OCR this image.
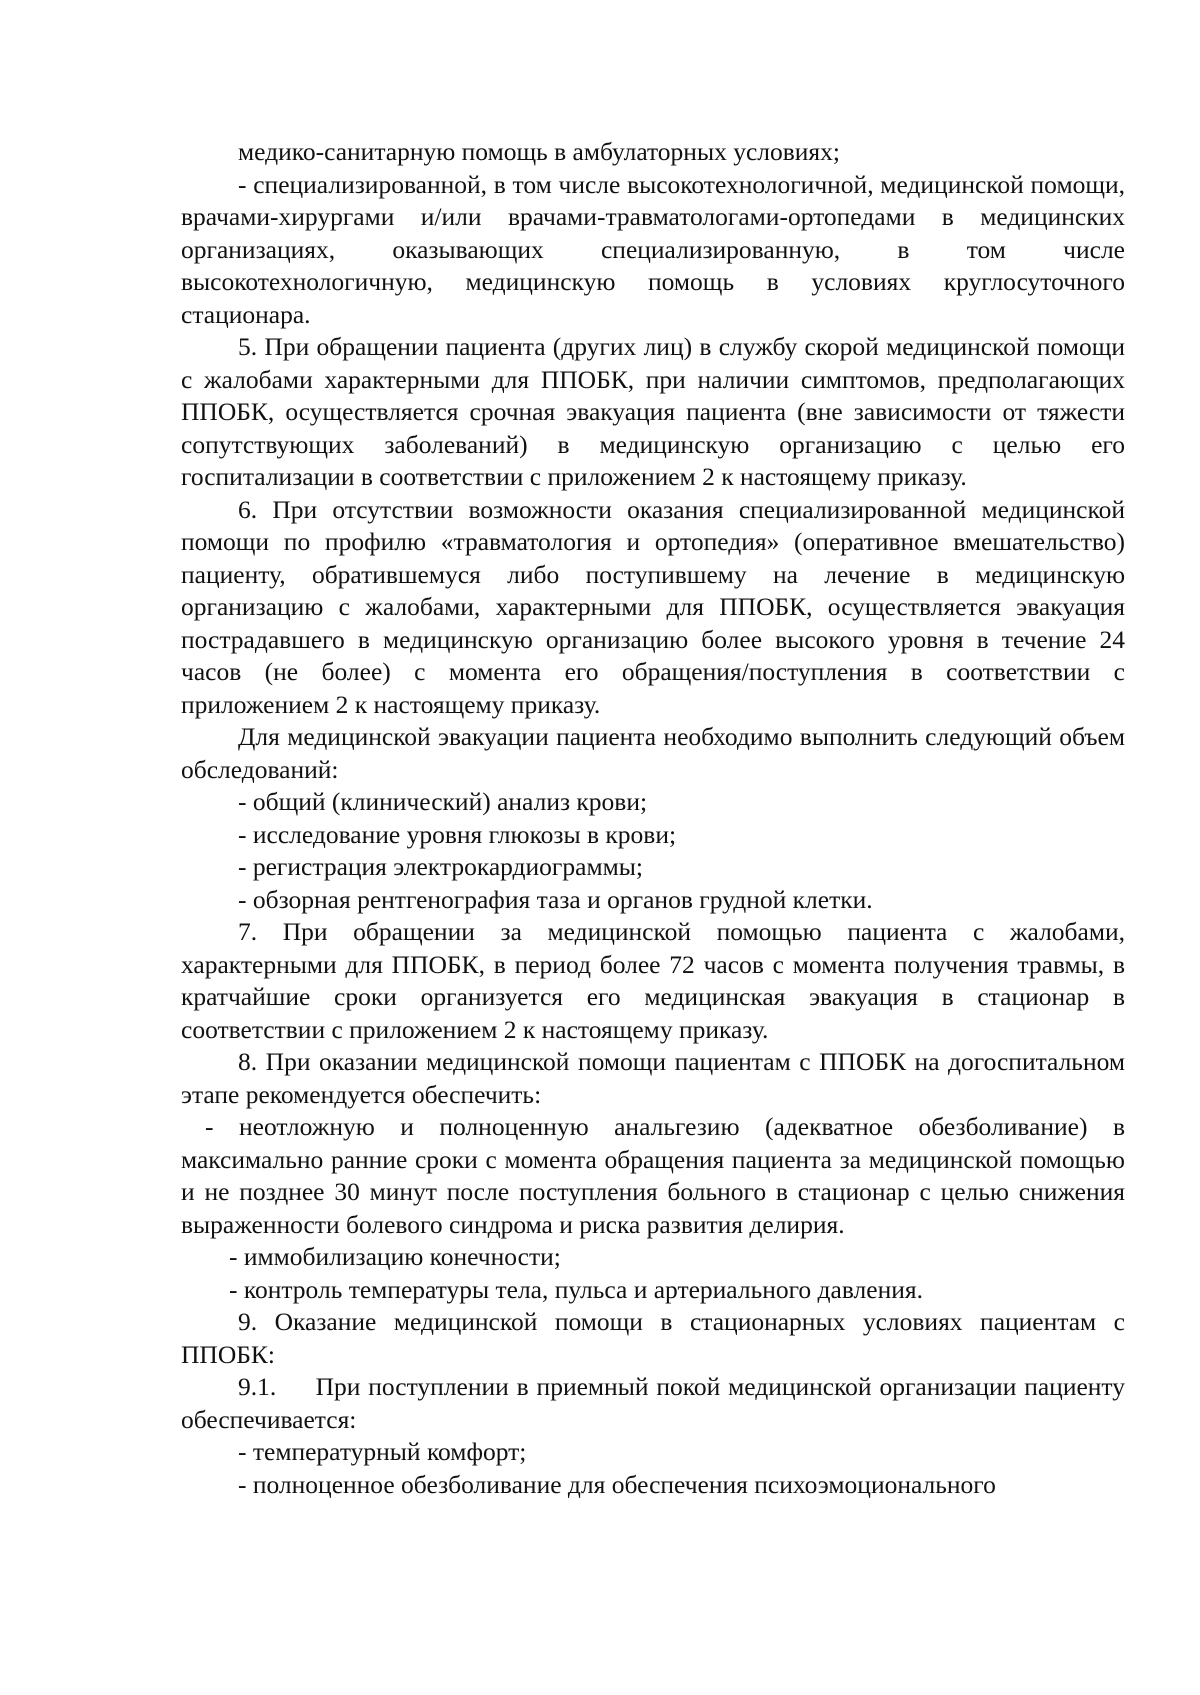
медико-санитарную помощь в амбулаторных условиях;

- специализированной, в том числе высокотехнологичной, медицинской помощи, врачами-хирургами и/или врачами-травматологами-ортопедами в медицинских организациях, оказывающих специализированную, в том числе высокотехнологичную, медицинскую помощь в условиях круглосуточного стационара.

5. При обращении пациента (других лиц) в службу скорой медицинской помощи с жалобами характерными для ППОБК, при наличии симптомов, предполагающих ППОБК, осуществляется срочная эвакуация пациента (вне зависимости от тяжести сопутствующих заболеваний) в медицинскую организацию с целью его госпитализации в соответствии с приложением 2 к настоящему приказу.

6. При отсутствии возможности оказания специализированной медицинской помощи по профилю «травматология и ортопедия» (оперативное вмешательство) пациенту, обратившемуся либо поступившему на лечение в медицинскую организацию с жалобами, характерными для ППОБК, осуществляется эвакуация пострадавшего в медицинскую организацию более высокого уровня в течение 24 часов (не более) с момента его обращения/поступления в соответствии с приложением 2 к настоящему приказу.

Для медицинской эвакуации пациента необходимо выполнить следующий объем обследований:

- общий (клинический) анализ крови;

- исследование уровня глюкозы в крови;

- регистрация электрокардиограммы;

- обзорная рентгенография таза и органов грудной клетки.

7. При обращении за медицинской помощью пациента с жалобами, характерными для ППОБК, в период более 72 часов с момента получения травмы, в кратчайшие сроки организуется его медицинская эвакуация в стационар в соответствии с приложением 2 к настоящему приказу.

8. При оказании медицинской помощи пациентам с ППОБК на догоспитальном этапе рекомендуется обеспечить:

- неотложную и полноценную анальгезию (адекватное обезболивание) в максимально ранние сроки с момента обращения пациента за медицинской помощью и не позднее 30 минут после поступления больного в стационар с целью снижения выраженности болевого синдрома и риска развития делирия.

- иммобилизацию конечности;

- контроль температуры тела, пульса и артериального давления.

9. Оказание медицинской помощи в стационарных условиях пациентам с ППОБК:

9.1.     При поступлении в приемный покой медицинской организации пациенту обеспечивается:

- температурный комфорт;

- полноценное обезболивание для обеспечения психоэмоционального
